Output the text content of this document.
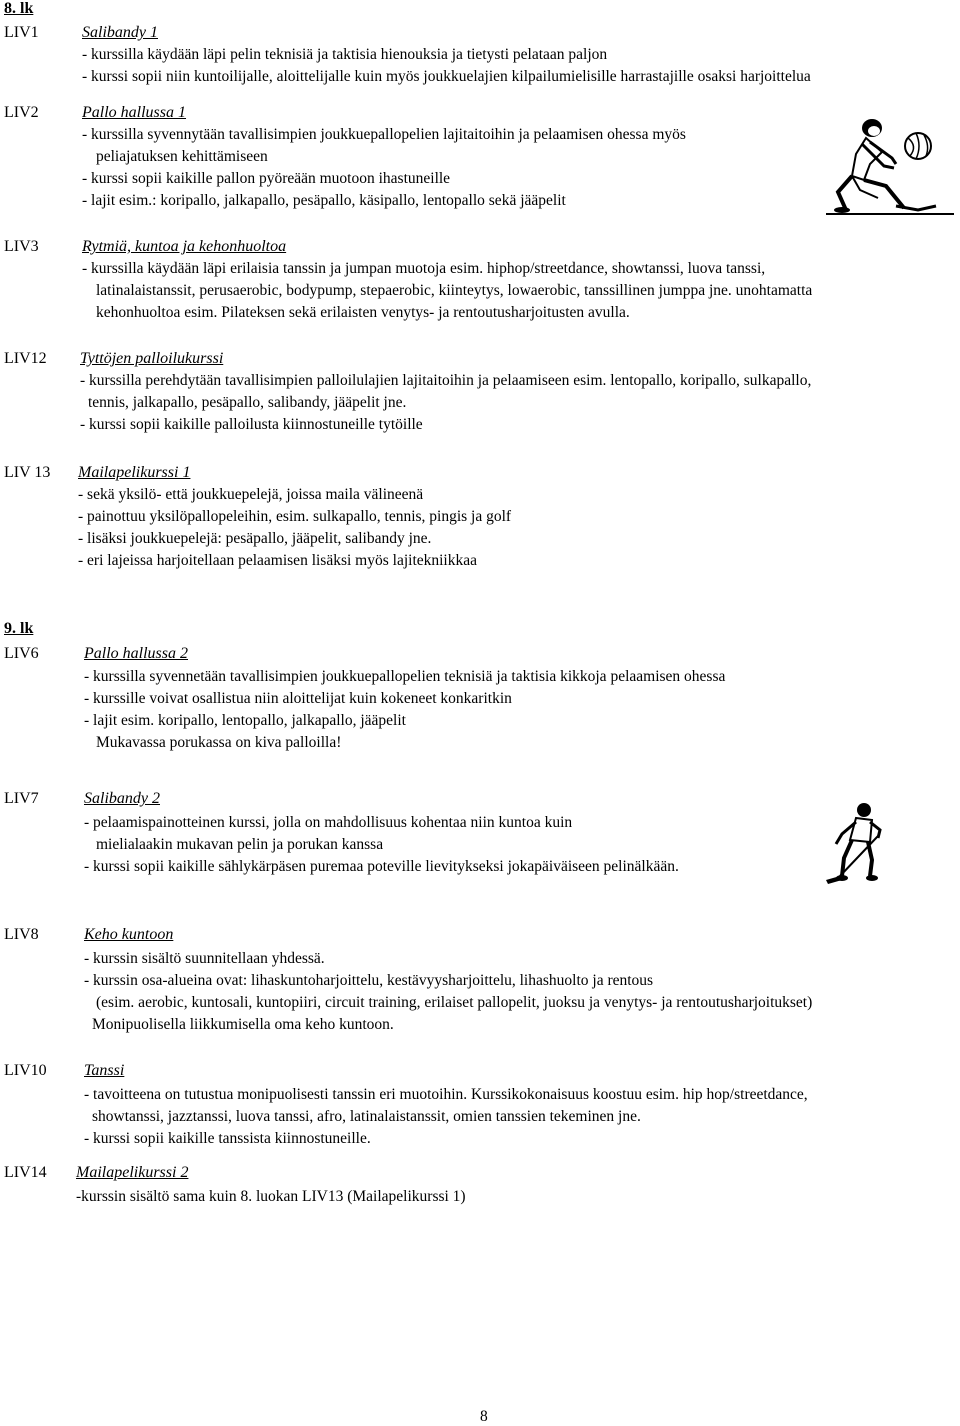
8. lk
LIV1	Salibandy 1
- kurssilla käydään läpi pelin teknisiä ja taktisia hienouksia ja tietysti pelataan paljon
- kurssi sopii niin kuntoilijalle, aloittelijalle kuin myös joukkuelajien kilpailumielisille harrastajille osaksi harjoittelua
LIV2	Pallo hallussa 1
- kurssilla syvennytään tavallisimpien joukkuepallopelien lajitaitoihin ja pelaamisen ohessa myös
peliajatuksen kehittämiseen
- kurssi sopii kaikille pallon pyöreään muotoon ihastuneille
- lajit esim.: koripallo, jalkapallo, pesäpallo, käsipallo, lentopallo sekä jääpelit
LIV3	Rytmiä, kuntoa ja kehonhuoltoa
- kurssilla käydään läpi erilaisia tanssin ja jumpan muotoja esim. hiphop/streetdance, showtanssi, luova tanssi,
latinalaistanssit, perusaerobic, bodypump, stepaerobic, kiinteytys, lowaerobic, tanssillinen jumppa jne. unohtamatta
kehonhuoltoa esim. Pilateksen sekä erilaisten venytys- ja rentoutusharjoitusten avulla.
LIV12 Tyttöjen palloilukurssi
- kurssilla perehdytään tavallisimpien palloilulajien lajitaitoihin ja pelaamiseen esim. lentopallo, koripallo, sulkapallo,
tennis, jalkapallo, pesäpallo, salibandy, jääpelit jne.
- kurssi sopii kaikille palloilusta kiinnostuneille tytöille
LIV 13 Mailapelikurssi 1
- sekä yksilö- että joukkuepelejä, joissa maila välineenä
- painottuu yksilöpallopeleihin, esim. sulkapallo, tennis, pingis ja golf
- lisäksi joukkuepelejä: pesäpallo, jääpelit, salibandy jne.
- eri lajeissa harjoitellaan pelaamisen lisäksi myös lajitekniikkaa
9. lk
LIV6	Pallo hallussa 2
- kurssilla syvennetään tavallisimpien joukkuepallopelien teknisiä ja taktisia kikkoja pelaamisen ohessa
- kurssille voivat osallistua niin aloittelijat kuin kokeneet konkaritkin
- lajit esim. koripallo, lentopallo, jalkapallo, jääpelit
Mukavassa porukassa on kiva palloilla!
LIV7	Salibandy 2
- pelaamispainotteinen kurssi, jolla on mahdollisuus kohentaa niin kuntoa kuin
mielialaakin mukavan pelin ja porukan kanssa
- kurssi sopii kaikille sählykärpäsen puremaa poteville lievitykseksi jokapäiväiseen pelinälkään.
LIV8	Keho kuntoon
- kurssin sisältö suunnitellaan yhdessä.
- kurssin osa-alueina ovat: lihaskuntoharjoittelu, kestävyysharjoittelu, lihashuolto ja rentous
(esim. aerobic, kuntosali, kuntopiiri, circuit training, erilaiset pallopelit, juoksu ja venytys- ja rentoutusharjoitukset)
Monipuolisella liikkumisella oma keho kuntoon.
LIV10 Tanssi
- tavoitteena on tutustua monipuolisesti tanssin eri muotoihin. Kurssikokonaisuus koostuu esim. hip hop/streetdance,
showtanssi, jazztanssi, luova tanssi, afro, latinalaistanssit, omien tanssien tekeminen jne.
- kurssi sopii kaikille tanssista kiinnostuneille.
LIV14 Mailapelikurssi 2
-kurssin sisältö sama kuin 8. luokan LIV13 (Mailapelikurssi 1)
8
